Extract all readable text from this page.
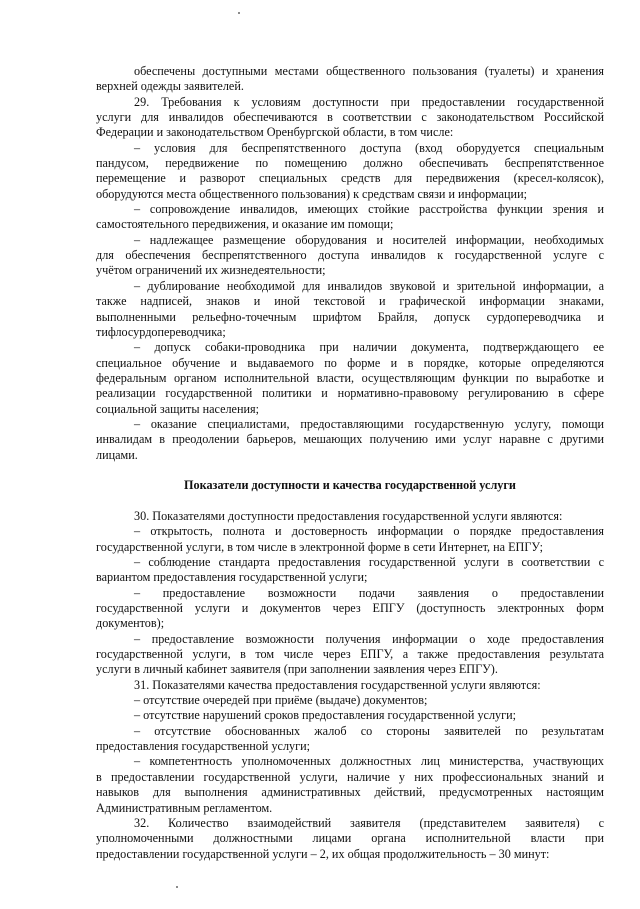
обеспечены доступными местами общественного пользования (туалеты) и хранения
верхней одежды заявителей.
29. Требования к условиям доступности при предоставлении государственной
услуги для инвалидов обеспечиваются в соответствии с законодательством Российской
Федерации и законодательством Оренбургской области, в том числе:
– условия для беспрепятственного доступа (вход оборудуется специальным
пандусом, передвижение по помещению должно обеспечивать беспрепятственное
перемещение и разворот специальных средств для передвижения (кресел-колясок),
оборудуются места общественного пользования) к средствам связи и информации;
– сопровождение инвалидов, имеющих стойкие расстройства функции зрения и
самостоятельного передвижения, и оказание им помощи;
– надлежащее размещение оборудования и носителей информации, необходимых
для обеспечения беспрепятственного доступа инвалидов к государственной услуге с
учётом ограничений их жизнедеятельности;
– дублирование необходимой для инвалидов звуковой и зрительной информации, а
также надписей, знаков и иной текстовой и графической информации знаками,
выполненными рельефно-точечным шрифтом Брайля, допуск сурдопереводчика и
тифлосурдопереводчика;
– допуск собаки-проводника при наличии документа, подтверждающего ее
специальное обучение и выдаваемого по форме и в порядке, которые определяются
федеральным органом исполнительной власти, осуществляющим функции по выработке и
реализации государственной политики и нормативно-правовому регулированию в сфере
социальной защиты населения;
– оказание специалистами, предоставляющими государственную услугу, помощи
инвалидам в преодолении барьеров, мешающих получению ими услуг наравне с другими
лицами.
Показатели доступности и качества государственной услуги
30. Показателями доступности предоставления государственной услуги являются:
– открытость, полнота и достоверность информации о порядке предоставления
государственной услуги, в том числе в электронной форме в сети Интернет, на ЕПГУ;
– соблюдение стандарта предоставления государственной услуги в соответствии с
вариантом предоставления государственной услуги;
– предоставление возможности подачи заявления о предоставлении
государственной услуги и документов через ЕПГУ (доступность электронных форм
документов);
– предоставление возможности получения информации о ходе предоставления
государственной услуги, в том числе через ЕПГУ, а также предоставления результата
услуги в личный кабинет заявителя (при заполнении заявления через ЕПГУ).
31. Показателями качества предоставления государственной услуги являются:
– отсутствие очередей при приёме (выдаче) документов;
– отсутствие нарушений сроков предоставления государственной услуги;
– отсутствие обоснованных жалоб со стороны заявителей по результатам
предоставления государственной услуги;
– компетентность уполномоченных должностных лиц министерства, участвующих
в предоставлении государственной услуги, наличие у них профессиональных знаний и
навыков для выполнения административных действий, предусмотренных настоящим
Административным регламентом.
32. Количество взаимодействий заявителя (представителем заявителя) с
уполномоченными должностными лицами органа исполнительной власти при
предоставлении государственной услуги – 2, их общая продолжительность – 30 минут:
